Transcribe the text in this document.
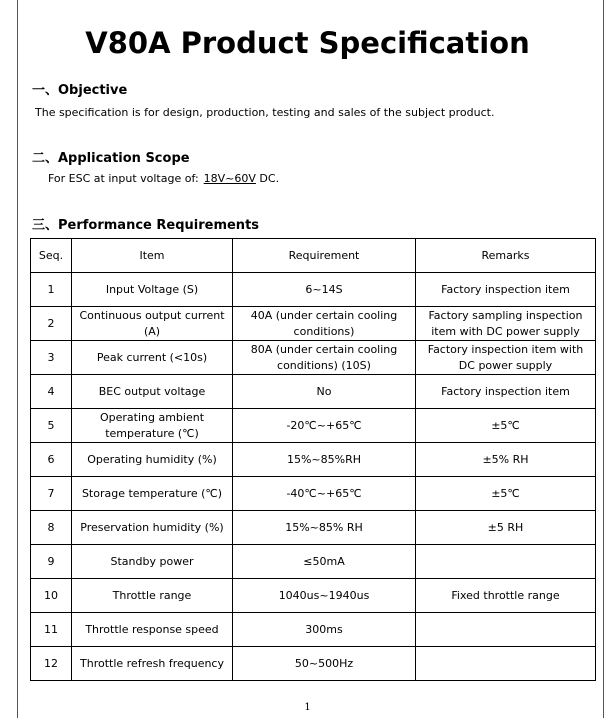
V80A Product Specification
一、Objective
The specification is for design, production, testing and sales of the subject product.
二、Application Scope
For ESC at input voltage of: 18V~60V DC.
三、Performance Requirements
Seq.	Item	Requirement	Remarks
1	Input Voltage (S)	6~14S	Factory inspection item
2	Continuous output current (A)	40A (under certain cooling conditions)	Factory sampling inspection item with DC power supply
3	Peak current (<10s)	80A (under certain cooling conditions) (10S)	Factory inspection item with DC power supply
4	BEC output voltage	No	Factory inspection item
5	Operating ambient temperature (℃)	-20℃~+65℃	±5℃
6	Operating humidity (%)	15%~85%RH	±5% RH
7	Storage temperature (℃)	-40℃~+65℃	±5℃
8	Preservation humidity (%)	15%~85% RH	±5 RH
9	Standby power	≤50mA	
10	Throttle range	1040us~1940us	Fixed throttle range
11	Throttle response speed	300ms	
12	Throttle refresh frequency	50~500Hz	
1
